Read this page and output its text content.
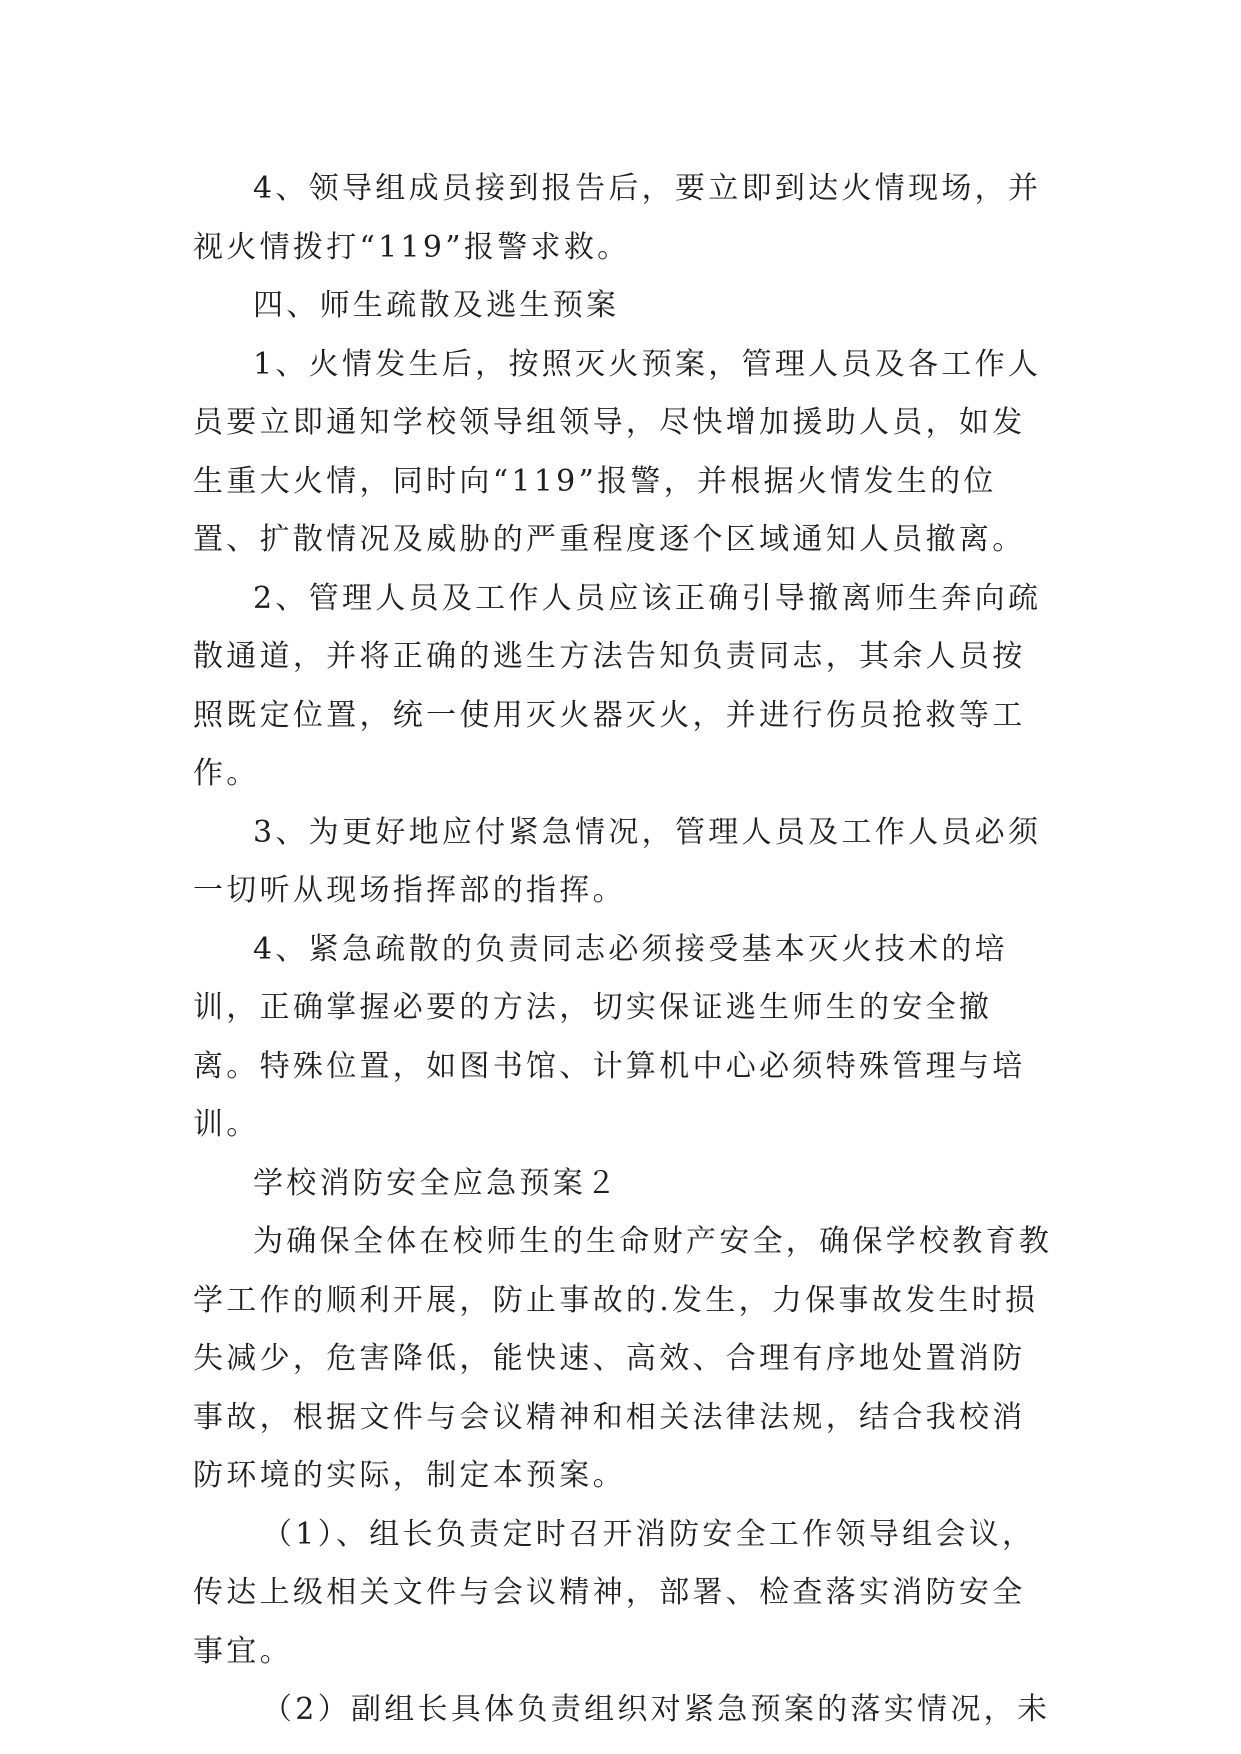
4、领导组成员接到报告后，要立即到达火情现场，并视火情拨打“119”报警求救。

四、师生疏散及逃生预案

1、火情发生后，按照灭火预案，管理人员及各工作人员要立即通知学校领导组领导，尽快增加援助人员，如发生重大火情，同时向“119”报警，并根据火情发生的位置、扩散情况及威胁的严重程度逐个区域通知人员撤离。

2、管理人员及工作人员应该正确引导撤离师生奔向疏散通道，并将正确的逃生方法告知负责同志，其余人员按照既定位置，统一使用灭火器灭火，并进行伤员抢救等工作。

3、为更好地应付紧急情况，管理人员及工作人员必须一切听从现场指挥部的指挥。

4、紧急疏散的负责同志必须接受基本灭火技术的培训，正确掌握必要的方法，切实保证逃生师生的安全撤离。特殊位置，如图书馆、计算机中心必须特殊管理与培训。

学校消防安全应急预案２

为确保全体在校师生的生命财产安全，确保学校教育教学工作的顺利开展，防止事故的.发生，力保事故发生时损失减少，危害降低，能快速、高效、合理有序地处置消防事故，根据文件与会议精神和相关法律法规，结合我校消防环境的实际，制定本预案。

（1）、组长负责定时召开消防安全工作领导组会议，传达上级相关文件与会议精神，部署、检查落实消防安全事宜。

（2）副组长具体负责组织对紧急预案的落实情况，未
